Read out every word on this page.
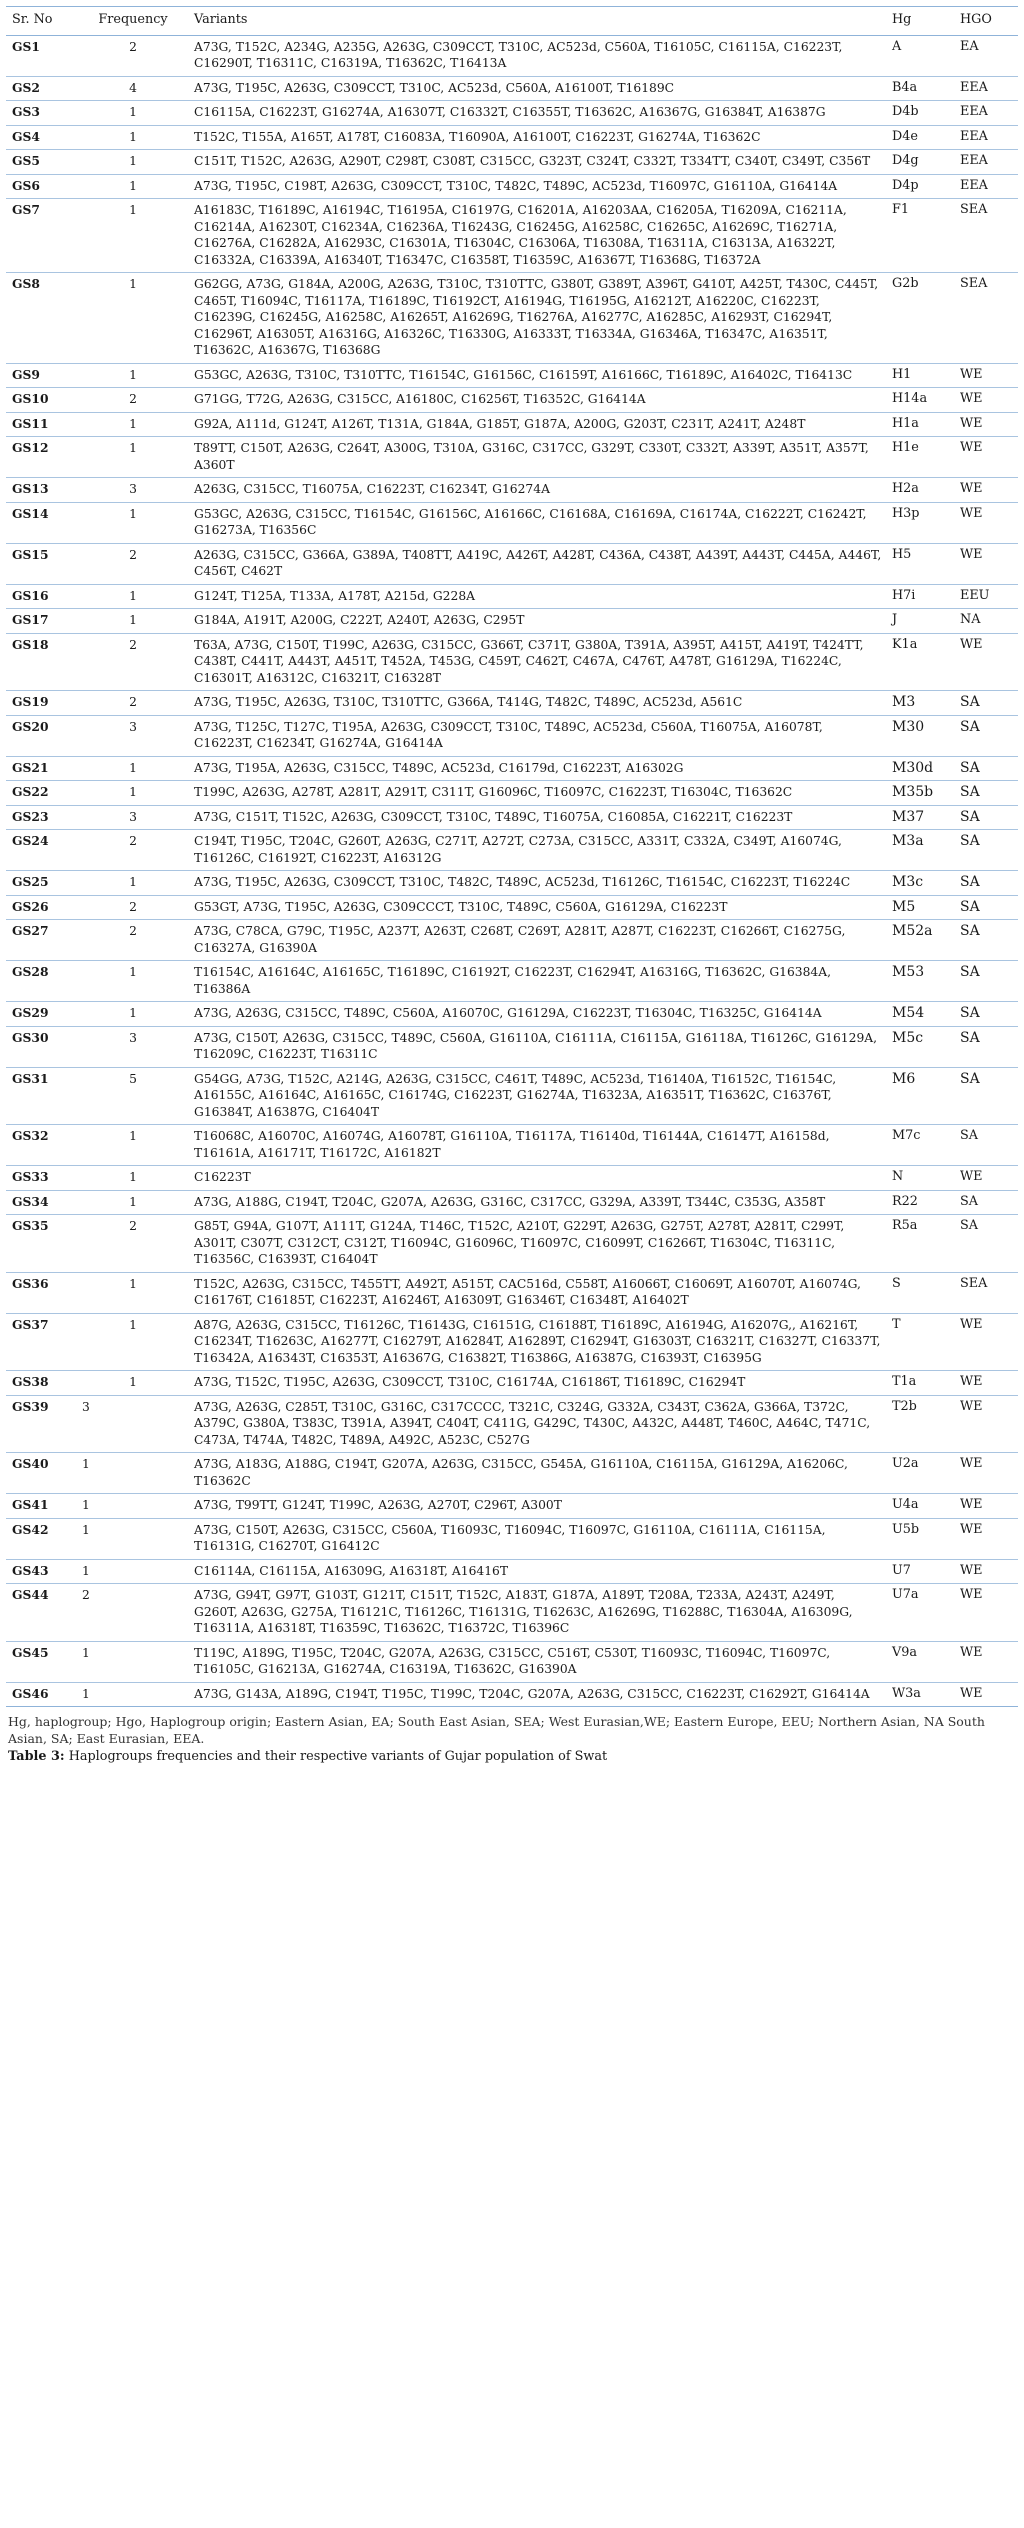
Sr. No	Frequency	Variants	Hg	HGO
GS1	2	A73G, T152C, A234G, A235G, A263G, C309CCT, T310C, AC523d, C560A, T16105C, C16115A, C16223T, C16290T, T16311C, C16319A, T16362C, T16413A	A	EA
GS2	4	A73G, T195C, A263G, C309CCT, T310C, AC523d, C560A, A16100T, T16189C	B4a	EEA
GS3	1	C16115A, C16223T, G16274A, A16307T, C16332T, C16355T, T16362C, A16367G, G16384T, A16387G	D4b	EEA
GS4	1	T152C, T155A, A165T, A178T, C16083A, T16090A, A16100T, C16223T, G16274A, T16362C	D4e	EEA
GS5	1	C151T, T152C, A263G, A290T, C298T, C308T, C315CC, G323T, C324T, C332T, T334TT, C340T, C349T, C356T	D4g	EEA
GS6	1	A73G, T195C, C198T, A263G, C309CCT, T310C, T482C, T489C, AC523d, T16097C, G16110A, G16414A	D4p	EEA
GS7	1	A16183C, T16189C, A16194C, T16195A, C16197G, C16201A, A16203AA, C16205A, T16209A, C16211A, C16214A, A16230T, C16234A, C16236A, T16243G, C16245G, A16258C, C16265C, A16269C, T16271A, C16276A, C16282A, A16293C, C16301A, T16304C, C16306A, T16308A, T16311A, C16313A, A16322T, C16332A, C16339A, A16340T, T16347C, C16358T, T16359C, A16367T, T16368G, T16372A	F1	SEA
GS8	1	G62GG, A73G, G184A, A200G, A263G, T310C, T310TTC, G380T, G389T, A396T, G410T, A425T, T430C, C445T, C465T, T16094C, T16117A, T16189C, T16192CT, A16194G, T16195G, A16212T, A16220C, C16223T, C16239G, C16245G, A16258C, A16265T, A16269G, T16276A, A16277C, A16285C, A16293T, C16294T, C16296T, A16305T, A16316G, A16326C, T16330G, A16333T, T16334A, G16346A, T16347C, A16351T, T16362C, A16367G, T16368G	G2b	SEA
GS9	1	G53GC, A263G, T310C, T310TTC, T16154C, G16156C, C16159T, A16166C, T16189C, A16402C, T16413C	H1	WE
GS10	2	G71GG, T72G, A263G, C315CC, A16180C, C16256T, T16352C, G16414A	H14a	WE
GS11	1	G92A, A111d, G124T, A126T, T131A, G184A, G185T, G187A, A200G, G203T, C231T, A241T, A248T	H1a	WE
GS12	1	T89TT, C150T, A263G, C264T, A300G, T310A, G316C, C317CC, G329T, C330T, C332T, A339T, A351T, A357T, A360T	H1e	WE
GS13	3	A263G, C315CC, T16075A, C16223T, C16234T, G16274A	H2a	WE
GS14	1	G53GC, A263G, C315CC, T16154C, G16156C, A16166C, C16168A, C16169A, C16174A, C16222T, C16242T, G16273A, T16356C	H3p	WE
GS15	2	A263G, C315CC, G366A, G389A, T408TT, A419C, A426T, A428T, C436A, C438T, A439T, A443T, C445A, A446T, C456T, C462T	H5	WE
GS16	1	G124T, T125A, T133A, A178T, A215d, G228A	H7i	EEU
GS17	1	G184A, A191T, A200G, C222T, A240T, A263G, C295T	J	NA
GS18	2	T63A, A73G, C150T, T199C, A263G, C315CC, G366T, C371T, G380A, T391A, A395T, A415T, A419T, T424TT, C438T, C441T, A443T, A451T, T452A, T453G, C459T, C462T, C467A, C476T, A478T, G16129A, T16224C, C16301T, A16312C, C16321T, C16328T	K1a	WE
GS19	2	A73G, T195C, A263G, T310C, T310TTC, G366A, T414G, T482C, T489C, AC523d, A561C	M3	SA
GS20	3	A73G, T125C, T127C, T195A, A263G, C309CCT, T310C, T489C, AC523d, C560A, T16075A, A16078T, C16223T, C16234T, G16274A, G16414A	M30	SA
GS21	1	A73G, T195A, A263G, C315CC, T489C, AC523d, C16179d, C16223T, A16302G	M30d	SA
GS22	1	T199C, A263G, A278T, A281T, A291T, C311T, G16096C, T16097C, C16223T, T16304C, T16362C	M35b	SA
GS23	3	A73G, C151T, T152C, A263G, C309CCT, T310C, T489C, T16075A, C16085A, C16221T, C16223T	M37	SA
GS24	2	C194T, T195C, T204C, G260T, A263G, C271T, A272T, C273A, C315CC, A331T, C332A, C349T, A16074G, T16126C, C16192T, C16223T, A16312G	M3a	SA
GS25	1	A73G, T195C, A263G, C309CCT, T310C, T482C, T489C, AC523d, T16126C, T16154C, C16223T, T16224C	M3c	SA
GS26	2	G53GT, A73G, T195C, A263G, C309CCCT, T310C, T489C, C560A, G16129A, C16223T	M5	SA
GS27	2	A73G, C78CA, G79C, T195C, A237T, A263T, C268T, C269T, A281T, A287T, C16223T, C16266T, C16275G, C16327A, G16390A	M52a	SA
GS28	1	T16154C, A16164C, A16165C, T16189C, C16192T, C16223T, C16294T, A16316G, T16362C, G16384A, T16386A	M53	SA
GS29	1	A73G, A263G, C315CC, T489C, C560A, A16070C, G16129A, C16223T, T16304C, T16325C, G16414A	M54	SA
GS30	3	A73G, C150T, A263G, C315CC, T489C, C560A, G16110A, C16111A, C16115A, G16118A, T16126C, G16129A, T16209C, C16223T, T16311C	M5c	SA
GS31	5	G54GG, A73G, T152C, A214G, A263G, C315CC, C461T, T489C, AC523d, T16140A, T16152C, T16154C, A16155C, A16164C, A16165C, C16174G, C16223T, G16274A, T16323A, A16351T, T16362C, C16376T, G16384T, A16387G, C16404T	M6	SA
GS32	1	T16068C, A16070C, A16074G, A16078T, G16110A, T16117A, T16140d, T16144A, C16147T, A16158d, T16161A, A16171T, T16172C, A16182T	M7c	SA
GS33	1	C16223T	N	WE
GS34	1	A73G, A188G, C194T, T204C, G207A, A263G, G316C, C317CC, G329A, A339T, T344C, C353G, A358T	R22	SA
GS35	2	G85T, G94A, G107T, A111T, G124A, T146C, T152C, A210T, G229T, A263G, G275T, A278T, A281T, C299T, A301T, C307T, C312CT, C312T, T16094C, G16096C, T16097C, C16099T, C16266T, T16304C, T16311C, T16356C, C16393T, C16404T	R5a	SA
GS36	1	T152C, A263G, C315CC, T455TT, A492T, A515T, CAC516d, C558T, A16066T, C16069T, A16070T, A16074G, C16176T, C16185T, C16223T, A16246T, A16309T, G16346T, C16348T, A16402T	S	SEA
GS37	1	A87G, A263G, C315CC, T16126C, T16143G, C16151G, C16188T, T16189C, A16194G, A16207G,, A16216T, C16234T, T16263C, A16277T, C16279T, A16284T, A16289T, C16294T, G16303T, C16321T, C16327T, C16337T, T16342A, A16343T, C16353T, A16367G, C16382T, T16386G, A16387G, C16393T, C16395G	T	WE
GS38	1	A73G, T152C, T195C, A263G, C309CCT, T310C, C16174A, C16186T, T16189C, C16294T	T1a	WE
GS39	3	A73G, A263G, C285T, T310C, G316C, C317CCCC, T321C, C324G, G332A, C343T, C362A, G366A, T372C, A379C, G380A, T383C, T391A, A394T, C404T, C411G, G429C, T430C, A432C, A448T, T460C, A464C, T471C, C473A, T474A, T482C, T489A, A492C, A523C, C527G	T2b	WE
GS40	1	A73G, A183G, A188G, C194T, G207A, A263G, C315CC, G545A, G16110A, C16115A, G16129A, A16206C, T16362C	U2a	WE
GS41	1	A73G, T99TT, G124T, T199C, A263G, A270T, C296T, A300T	U4a	WE
GS42	1	A73G, C150T, A263G, C315CC, C560A, T16093C, T16094C, T16097C, G16110A, C16111A, C16115A, T16131G, C16270T, G16412C	U5b	WE
GS43	1	C16114A, C16115A, A16309G, A16318T, A16416T	U7	WE
GS44	2	A73G, G94T, G97T, G103T, G121T, C151T, T152C, A183T, G187A, A189T, T208A, T233A, A243T, A249T, G260T, A263G, G275A, T16121C, T16126C, T16131G, T16263C, A16269G, T16288C, T16304A, A16309G, T16311A, A16318T, T16359C, T16362C, T16372C, T16396C	U7a	WE
GS45	1	T119C, A189G, T195C, T204C, G207A, A263G, C315CC, C516T, C530T, T16093C, T16094C, T16097C, T16105C, G16213A, G16274A, C16319A, T16362C, G16390A	V9a	WE
GS46	1	A73G, G143A, A189G, C194T, T195C, T199C, T204C, G207A, A263G, C315CC, C16223T, C16292T, G16414A	W3a	WE
Hg, haplogroup; Hgo, Haplogroup origin; Eastern Asian, EA; South East Asian, SEA; West Eurasian,WE; Eastern Europe, EEU; Northern Asian, NA South Asian, SA; East Eurasian, EEA.
Table 3: Haplogroups frequencies and their respective variants of Gujar population of Swat
